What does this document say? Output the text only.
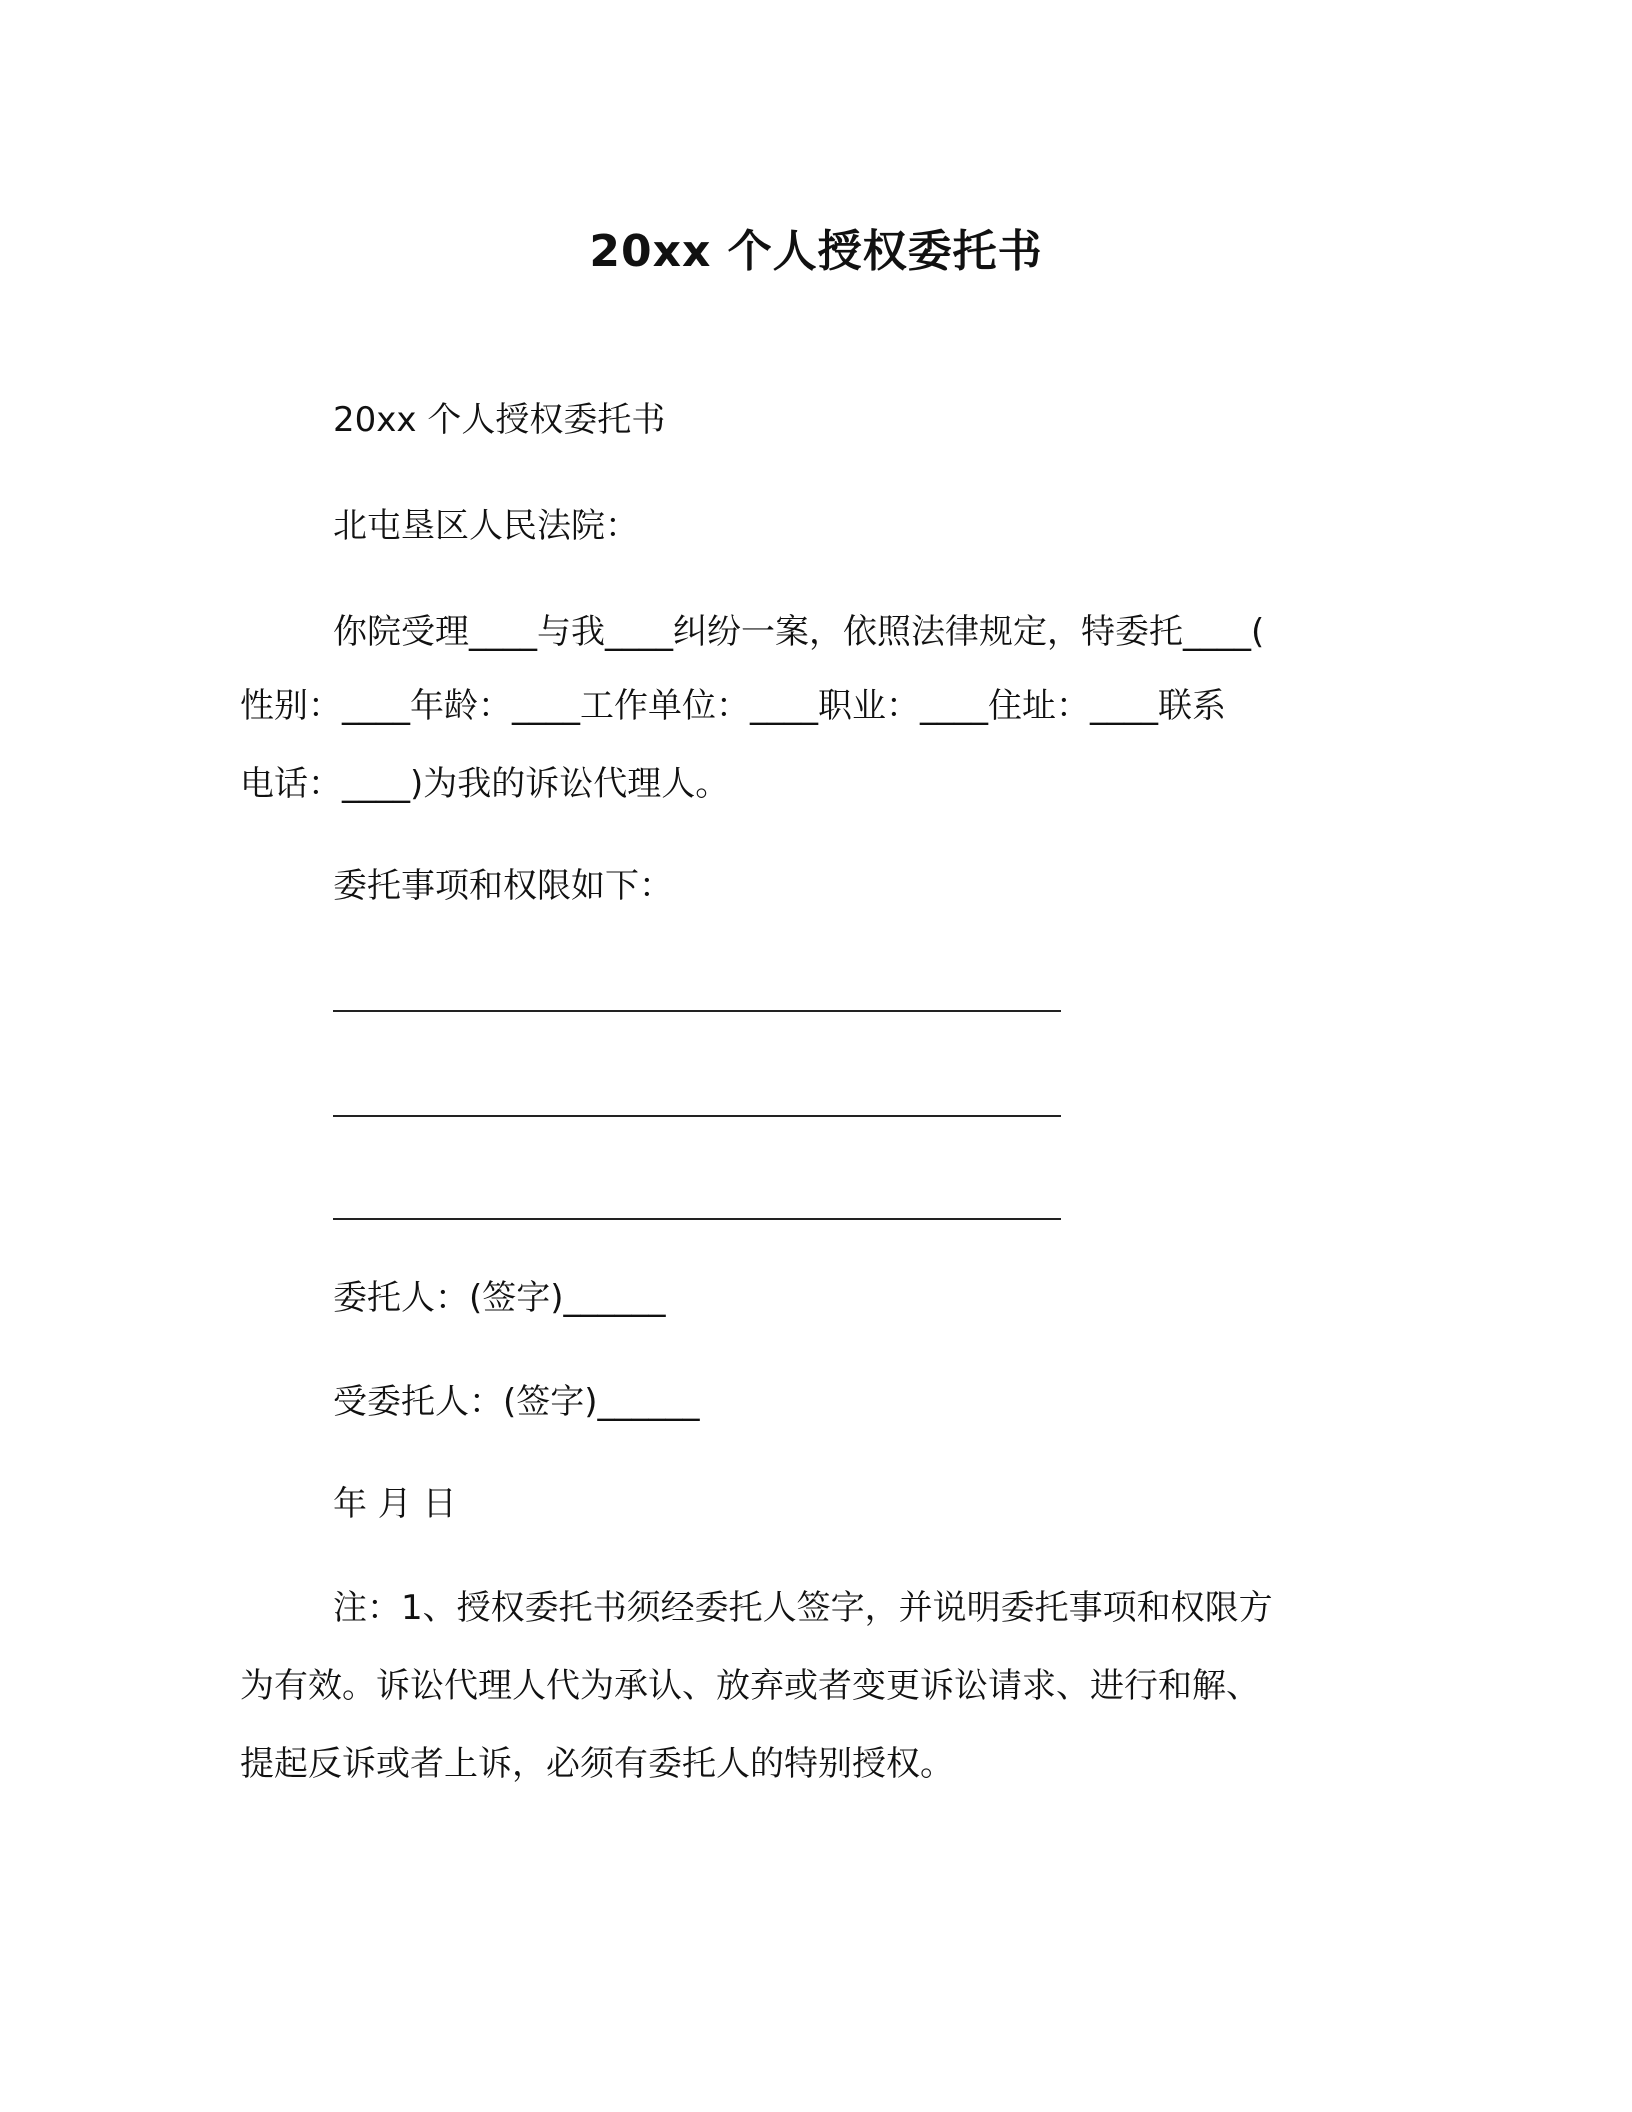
20xx 个人授权委托书
20xx 个人授权委托书
北屯垦区人民法院：
你院受理____与我____纠纷一案，依照法律规定，特委托____(
性别：____年龄：____工作单位：____职业：____住址：____联系
电话：____)为我的诉讼代理人。
委托事项和权限如下：
委托人：(签字)______
受委托人：(签字)______
年 月 日
注：1、授权委托书须经委托人签字，并说明委托事项和权限方
为有效。诉讼代理人代为承认、放弃或者变更诉讼请求、进行和解、
提起反诉或者上诉，必须有委托人的特别授权。
